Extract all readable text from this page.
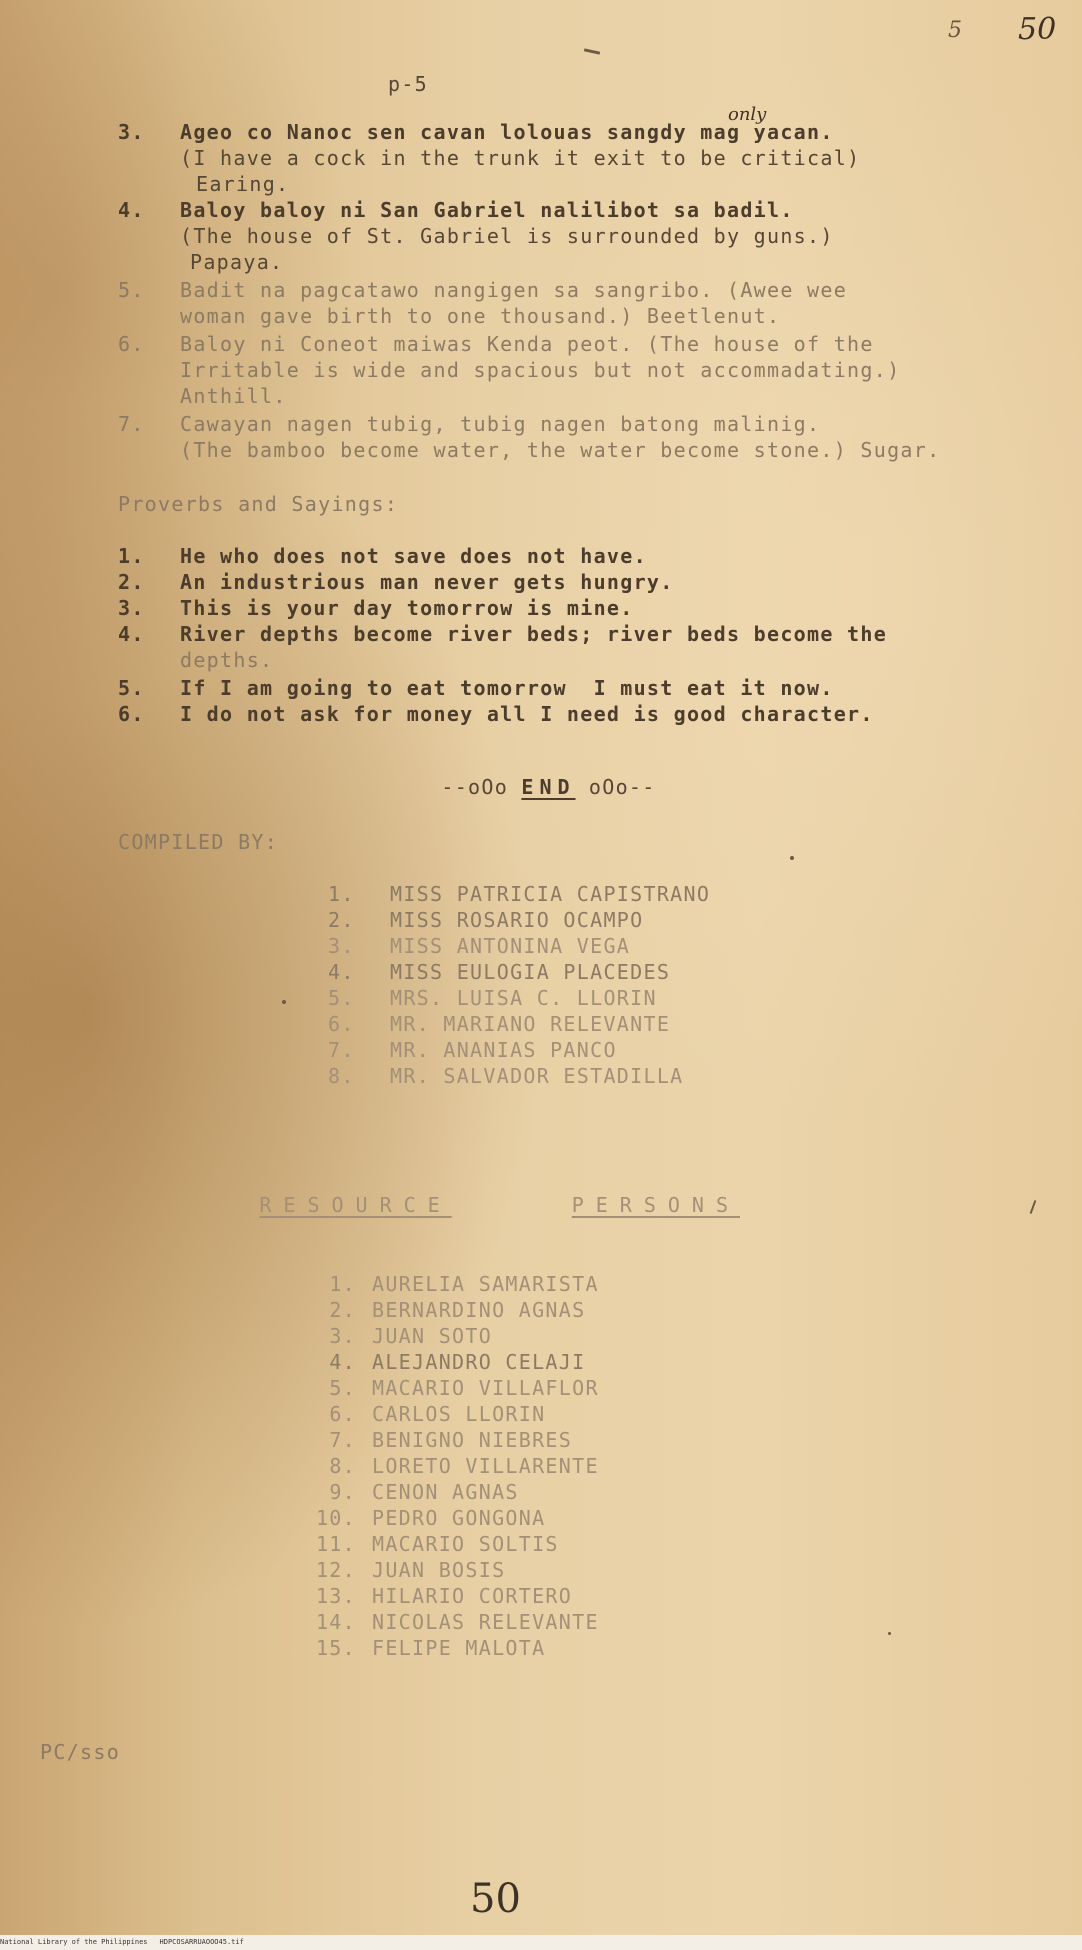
5 50
p-5
3. Ageo co Nanoc sen cavan lolouas sangdy mag yacan.
only
(I have a cock in the trunk it exit to be critical)
Earing.
4. Baloy baloy ni San Gabriel nalilibot sa badil.
(The house of St. Gabriel is surrounded by guns.)
Papaya.
5. Badit na pagcatawo nangigen sa sangribo. (Awee wee
woman gave birth to one thousand.) Beetlenut.
6. Baloy ni Coneot maiwas Kenda peot. (The house of the
Irritable is wide and spacious but not accommadating.)
Anthill.
7. Cawayan nagen tubig, tubig nagen batong malinig.
(The bamboo become water, the water become stone.) Sugar.
Proverbs and Sayings:
1. He who does not save does not have.
2. An industrious man never gets hungry.
3. This is your day tomorrow is mine.
4. River depths become river beds; river beds become the
depths.
5. If I am going to eat tomorrow  I must eat it now.
6. I do not ask for money all I need is good character.

--oOo END oOo--

COMPILED BY:
1. MISS PATRICIA CAPISTRANO
2. MISS ROSARIO OCAMPO
3. MISS ANTONINA VEGA
4. MISS EULOGIA PLACEDES
5. MRS. LUISA C. LLORIN
6. MR. MARIANO RELEVANTE
7. MR. ANANIAS PANCO
8. MR. SALVADOR ESTADILLA

RESOURCE	PERSONS

1. AURELIA SAMARISTA
2. BERNARDINO AGNAS
3. JUAN SOTO
4. ALEJANDRO CELAJI
5. MACARIO VILLAFLOR
6. CARLOS LLORIN
7. BENIGNO NIEBRES
8. LORETO VILLARENTE
9. CENON AGNAS
10. PEDRO GONGONA
11. MACARIO SOLTIS
12. JUAN BOSIS
13. HILARIO CORTERO
14. NICOLAS RELEVANTE
15. FELIPE MALOTA
PC/sso
50
National Library of the Philippines HDPCOSARRUAOOO45.tif
